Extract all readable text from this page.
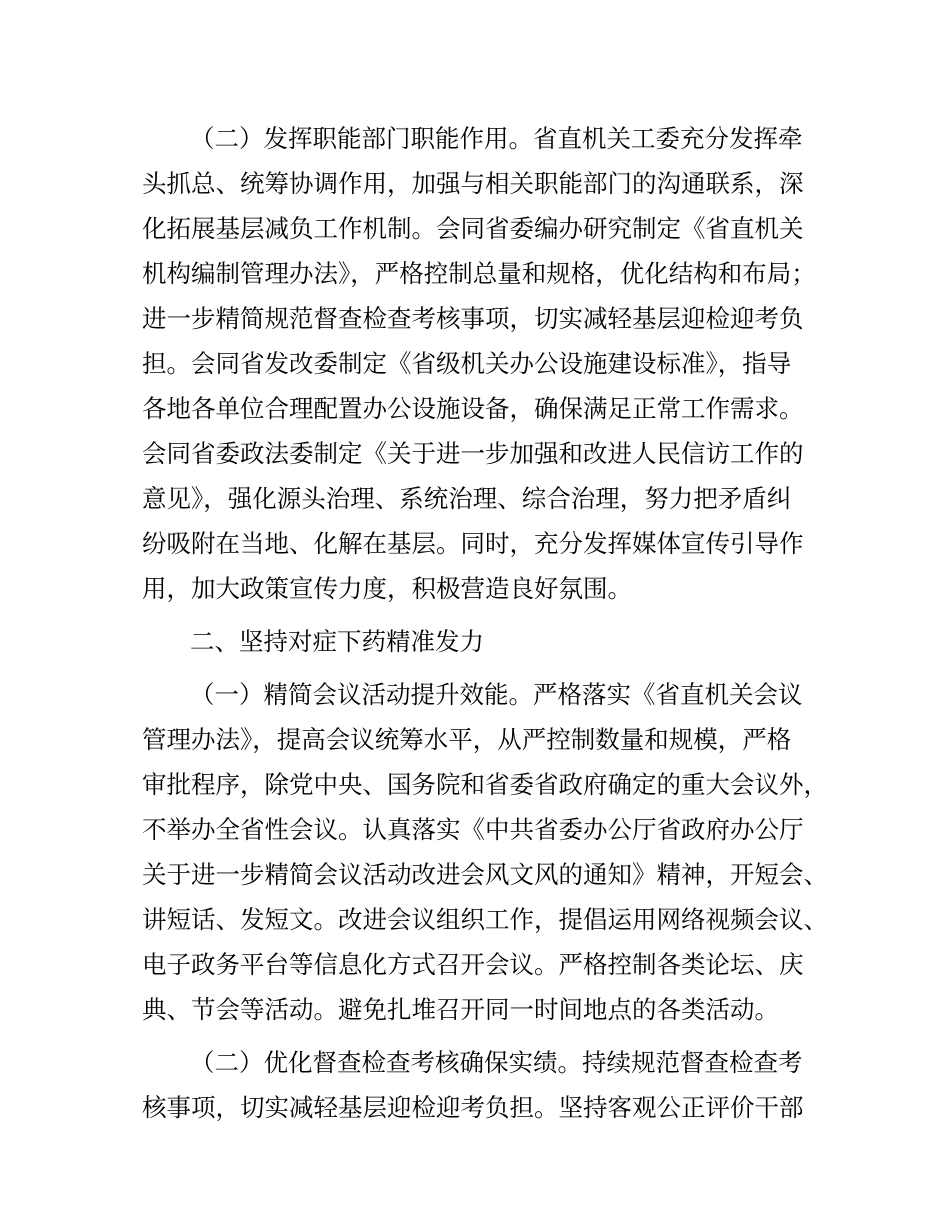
（二）发挥职能部门职能作用。省直机关工委充分发挥牵
头抓总、统筹协调作用，加强与相关职能部门的沟通联系，深
化拓展基层减负工作机制。会同省委编办研究制定《省直机关
机构编制管理办法》，严格控制总量和规格，优化结构和布局；
进一步精简规范督查检查考核事项，切实减轻基层迎检迎考负
担。会同省发改委制定《省级机关办公设施建设标准》，指导
各地各单位合理配置办公设施设备，确保满足正常工作需求。
会同省委政法委制定《关于进一步加强和改进人民信访工作的
意见》，强化源头治理、系统治理、综合治理，努力把矛盾纠
纷吸附在当地、化解在基层。同时，充分发挥媒体宣传引导作
用，加大政策宣传力度，积极营造良好氛围。
二、坚持对症下药精准发力
（一）精简会议活动提升效能。严格落实《省直机关会议
管理办法》，提高会议统筹水平，从严控制数量和规模，严格
审批程序，除党中央、国务院和省委省政府确定的重大会议外，
不举办全省性会议。认真落实《中共省委办公厅省政府办公厅
关于进一步精简会议活动改进会风文风的通知》精神，开短会、
讲短话、发短文。改进会议组织工作，提倡运用网络视频会议、
电子政务平台等信息化方式召开会议。严格控制各类论坛、庆
典、节会等活动。避免扎堆召开同一时间地点的各类活动。
（二）优化督查检查考核确保实绩。持续规范督查检查考
核事项，切实减轻基层迎检迎考负担。坚持客观公正评价干部
